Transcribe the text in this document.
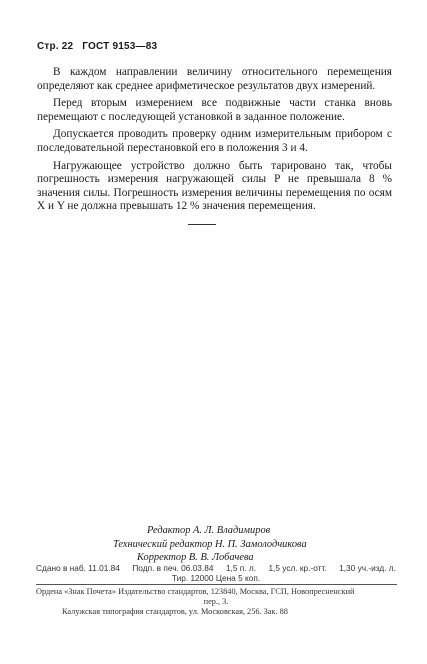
Стр. 22 ГОСТ 9153—83

В каждом направлении величину относительного перемещения определяют как среднее арифметическое результатов двух измерений.

Перед вторым измерением все подвижные части станка вновь перемещают с последующей установкой в заданное положение.

Допускается проводить проверку одним измерительным прибором с последовательной перестановкой его в положения 3 и 4.

Нагружающее устройство должно быть тарировано так, чтобы погрешность измерения нагружающей силы P не превышала 8 % значения силы. Погрешность измерения величины перемещения по осям X и Y не должна превышать 12 % значения перемещения.

Редактор А. Л. Владимиров
Технический редактор Н. П. Замолодчикова
Корректор В. В. Лобачева
Сдано в наб. 11.01.84 Подп. в печ. 06.03.84 1,5 п. л. 1,5 усл. кр.-отт. 1,30 уч.-изд. л.
Тир. 12000 Цена 5 коп.
Ордена «Знак Почета» Издательство стандартов, 123840, Москва, ГСП, Новопресненский
пер., 3.
Калужская типография стандартов, ул. Московская, 256. Зак. 88
